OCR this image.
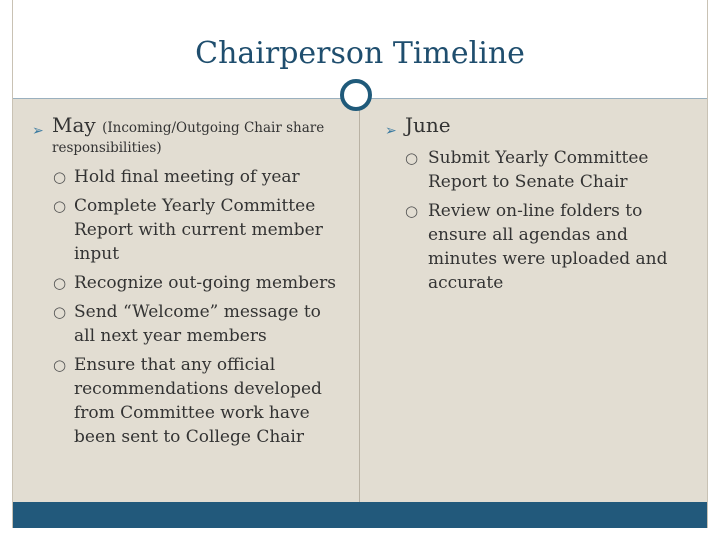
Chairperson Timeline
➢ May (Incoming/Outgoing Chair share
responsibilities)
○ Hold final meeting of year
○ Complete Yearly Committee Report with current member input
○ Recognize out-going members
○ Send “Welcome” message to all next year members
○ Ensure that any official recommendations developed from Committee work have been sent to College Chair
➢ June
○ Submit Yearly Committee Report to Senate Chair
○ Review on-line folders to ensure all agendas and minutes were uploaded and accurate
